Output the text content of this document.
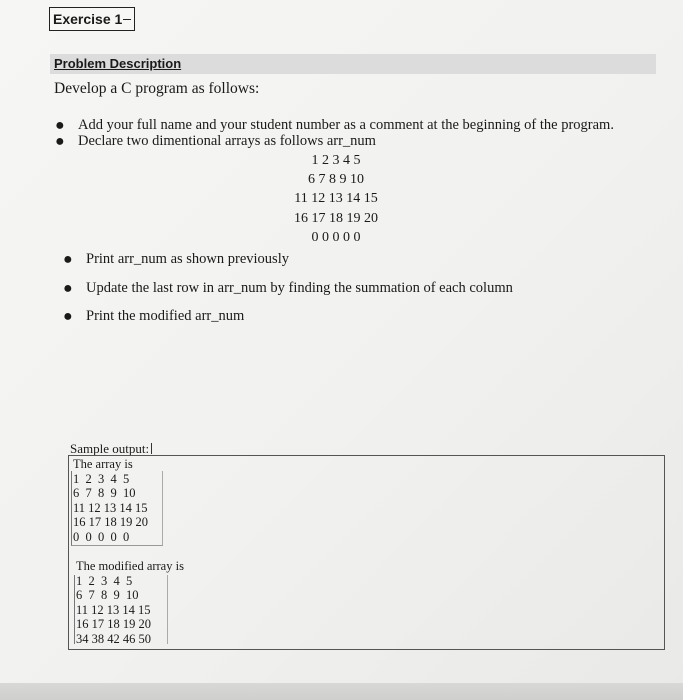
Exercise 1
Problem Description
Develop a C program as follows:
● Add your full name and your student number as a comment at the beginning of the program.
● Declare two dimentional arrays as follows arr_num
1 2 3 4 5
6 7 8 9 10
11 12 13 14 15
16 17 18 19 20
0 0 0 0 0
● Print arr_num as shown previously
● Update the last row in arr_num by finding the summation of each column
● Print the modified arr_num
Sample output:
The array is
1  2  3  4  5
6  7  8  9  10
11 12 13 14 15
16 17 18 19 20
0  0  0  0  0
The modified array is
1  2  3  4  5
6  7  8  9  10
11 12 13 14 15
16 17 18 19 20
34 38 42 46 50
